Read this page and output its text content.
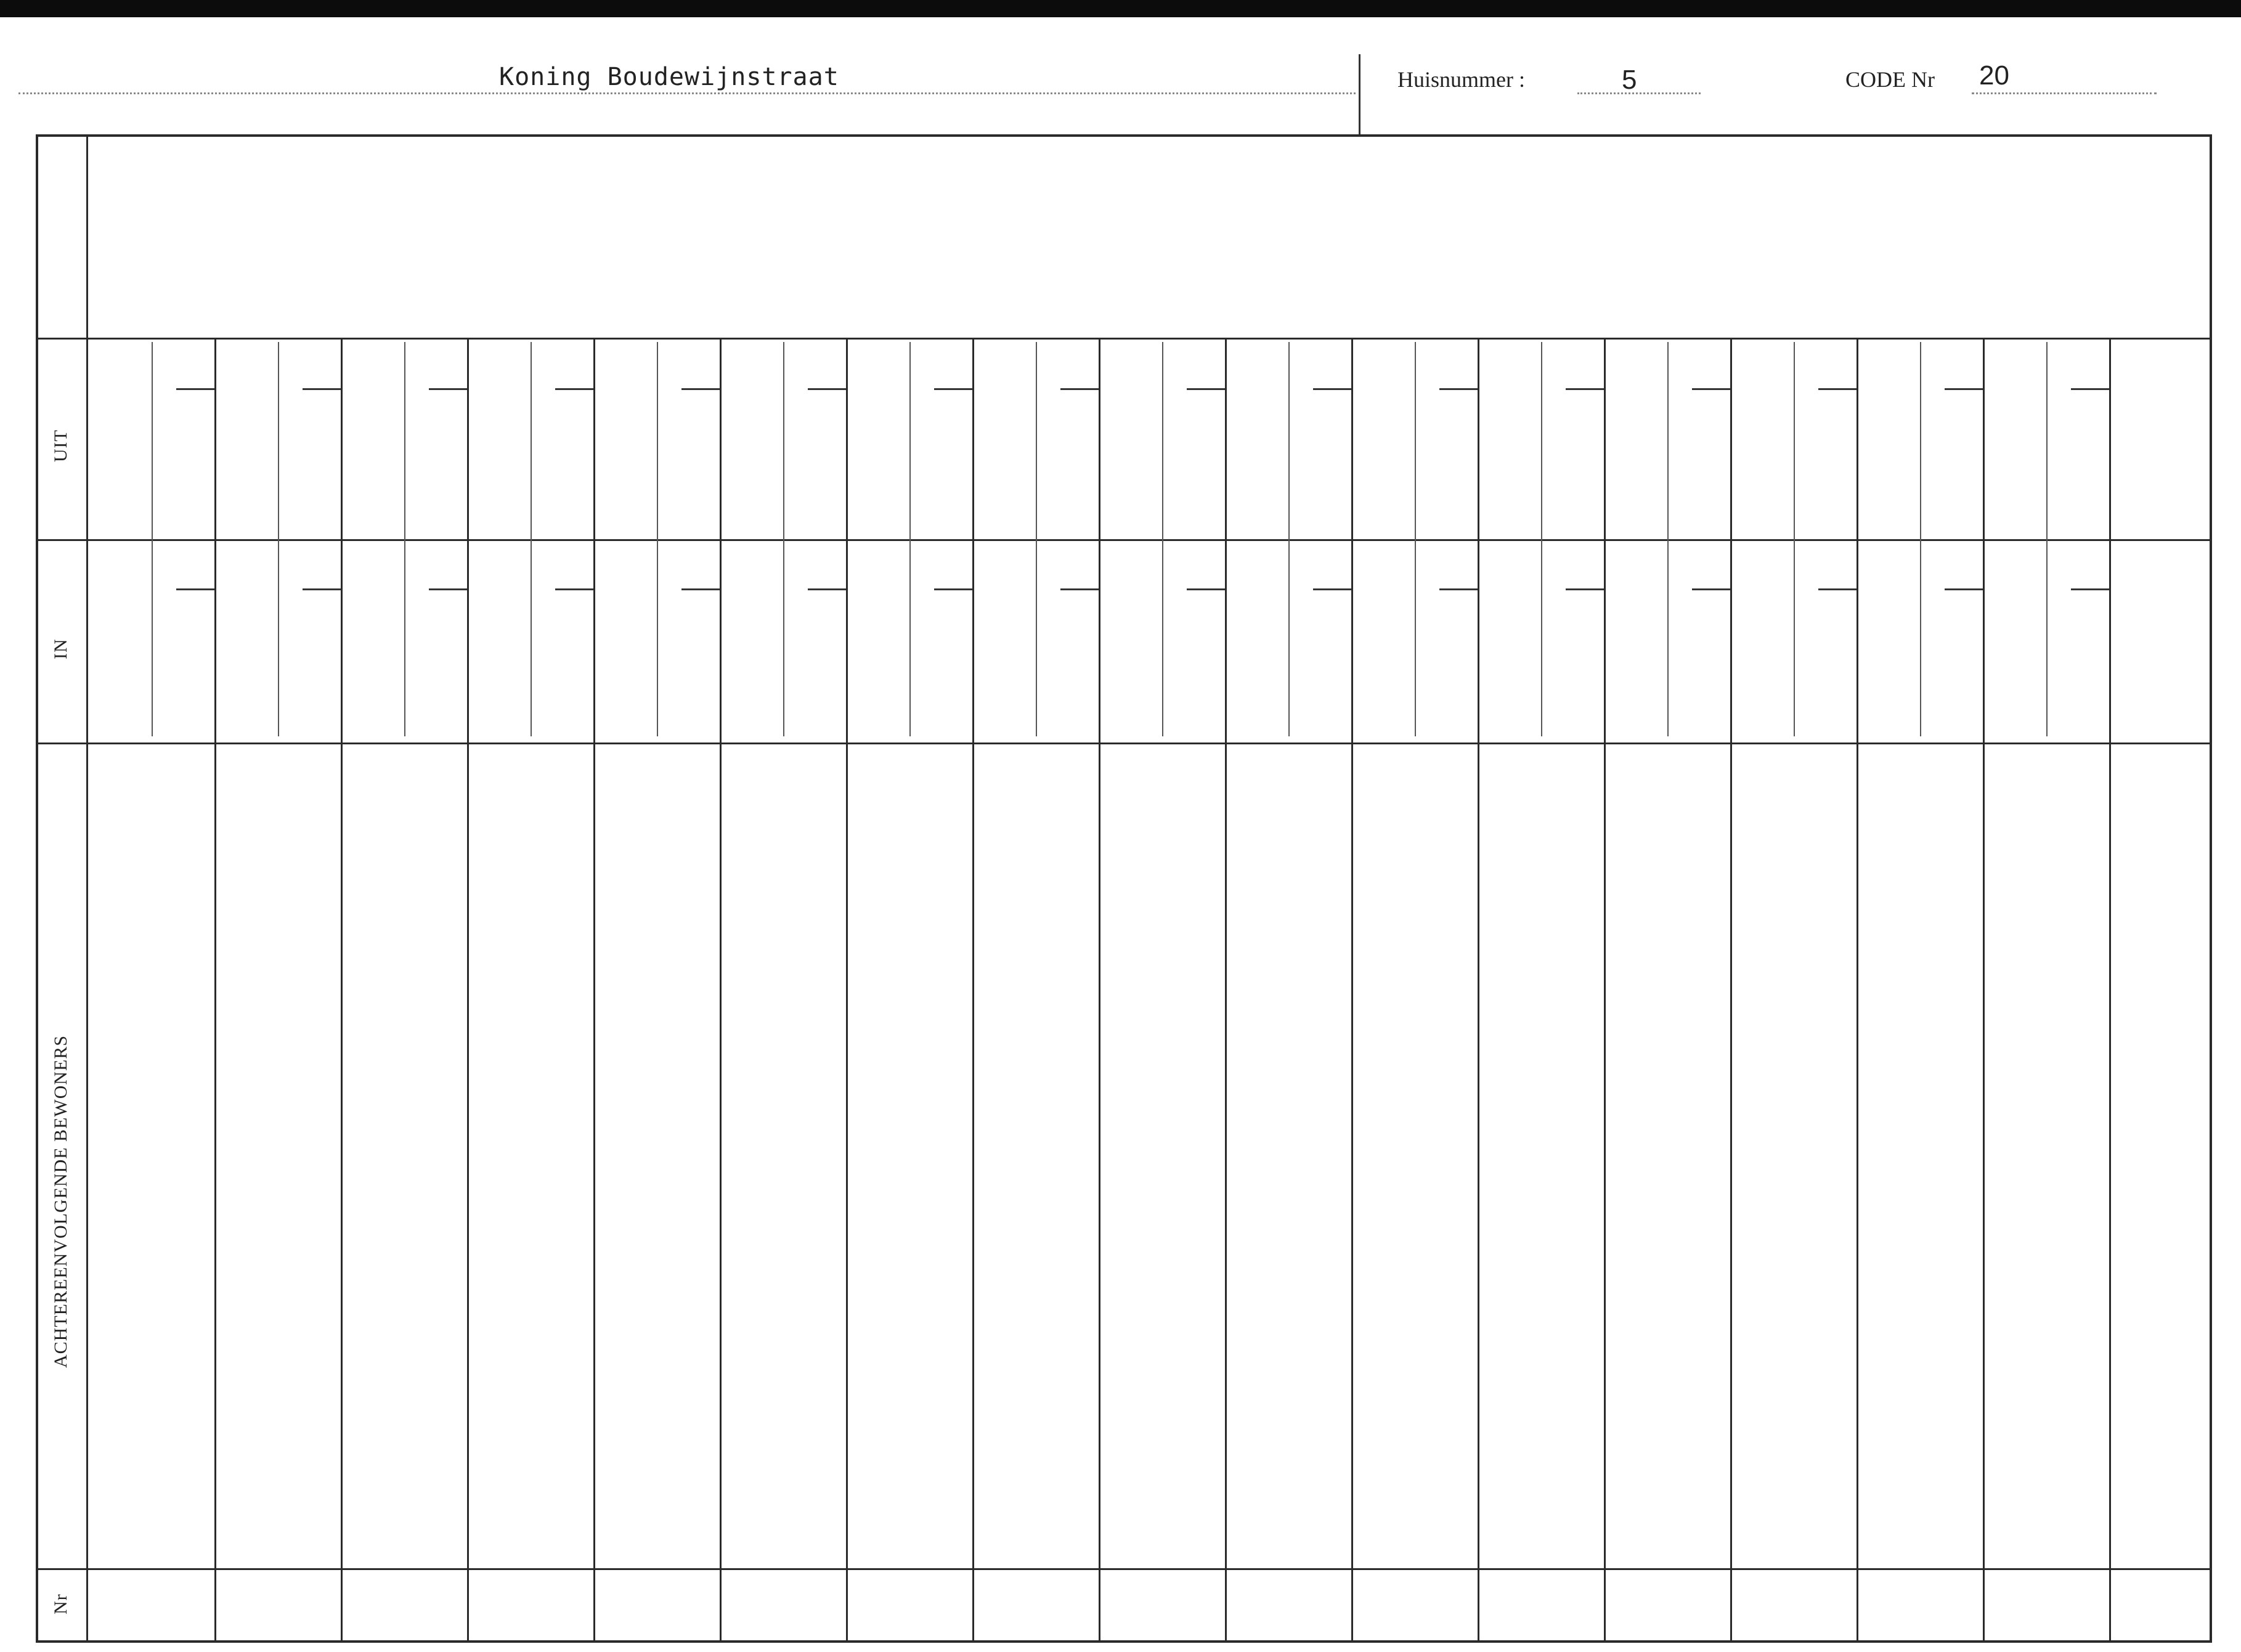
Koning Boudewijnstraat	Huisnummer :	5	CODE Nr 20
UIT
IN
ACHTEREENVOLGENDE BEWONERS
Nr
